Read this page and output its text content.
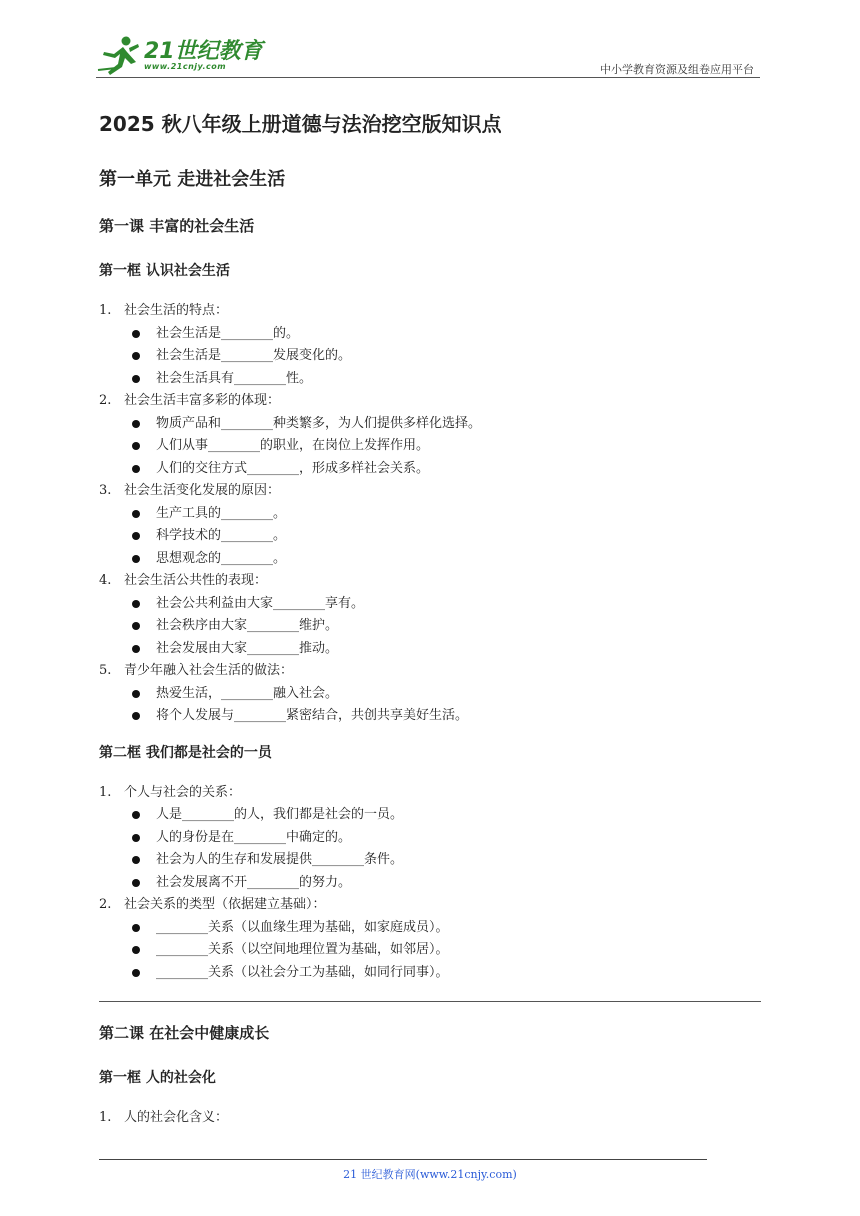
21世纪教育
www.21cnjy.com	中小学教育资源及组卷应用平台
2025 秋八年级上册道德与法治挖空版知识点
第一单元 走进社会生活
第一课 丰富的社会生活
第一框 认识社会生活
1. 社会生活的特点：
社会生活是________的。
社会生活是________发展变化的。
社会生活具有________性。
2. 社会生活丰富多彩的体现：
物质产品和________种类繁多，为人们提供多样化选择。
人们从事________的职业，在岗位上发挥作用。
人们的交往方式________，形成多样社会关系。
3. 社会生活变化发展的原因：
生产工具的________。
科学技术的________。
思想观念的________。
4. 社会生活公共性的表现：
社会公共利益由大家________享有。
社会秩序由大家________维护。
社会发展由大家________推动。
5. 青少年融入社会生活的做法：
热爱生活，________融入社会。
将个人发展与________紧密结合，共创共享美好生活。
第二框 我们都是社会的一员
1. 个人与社会的关系：
人是________的人，我们都是社会的一员。
人的身份是在________中确定的。
社会为人的生存和发展提供________条件。
社会发展离不开________的努力。
2. 社会关系的类型（依据建立基础）：
________关系（以血缘生理为基础，如家庭成员）。
________关系（以空间地理位置为基础，如邻居）。
________关系（以社会分工为基础，如同行同事）。
第二课 在社会中健康成长
第一框 人的社会化
1. 人的社会化含义：
21 世纪教育网(www.21cnjy.com)
